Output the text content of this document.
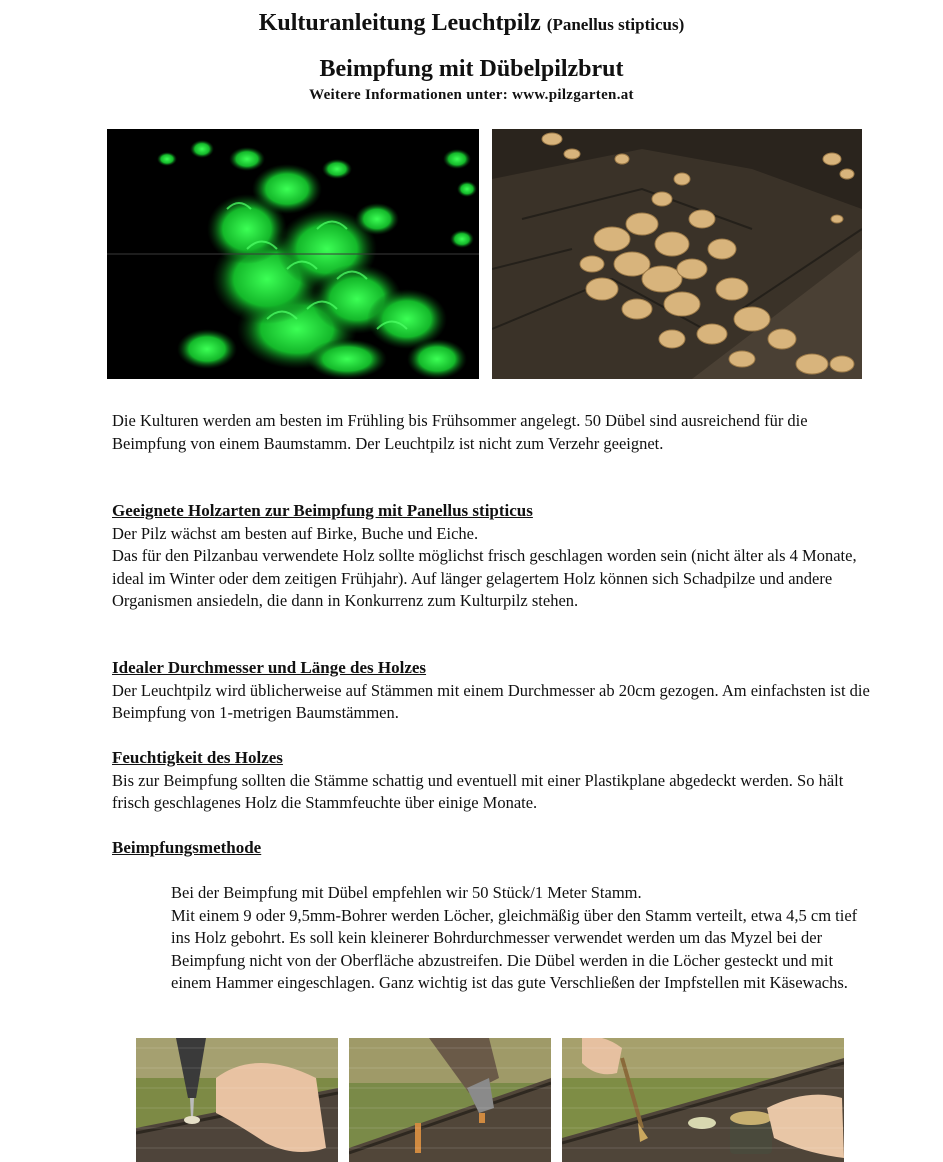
Kulturanleitung Leuchtpilz (Panellus stipticus)
Beimpfung mit Dübelpilzbrut
Weitere Informationen unter: www.pilzgarten.at
Die Kulturen werden am besten im Frühling bis Frühsommer angelegt. 50 Dübel sind ausreichend für die Beimpfung von einem Baumstamm. Der Leuchtpilz ist nicht zum Verzehr geeignet.

Geeignete Holzarten zur Beimpfung mit Panellus stipticus

Der Pilz wächst am besten auf Birke, Buche und Eiche.

Das für den Pilzanbau verwendete Holz sollte möglichst frisch geschlagen worden sein (nicht älter als 4 Monate, ideal im Winter oder dem zeitigen Frühjahr). Auf länger gelagertem Holz können sich Schadpilze und andere Organismen ansiedeln, die dann in Konkurrenz zum Kulturpilz stehen.

Idealer Durchmesser und Länge des Holzes

Der Leuchtpilz wird üblicherweise auf Stämmen mit einem Durchmesser ab 20cm gezogen. Am einfachsten ist die Beimpfung von 1-metrigen Baumstämmen.

Feuchtigkeit des Holzes

Bis zur Beimpfung sollten die Stämme schattig und eventuell mit einer Plastikplane abgedeckt werden. So hält frisch geschlagenes Holz die Stammfeuchte über einige Monate.

Beimpfungsmethode

Bei der Beimpfung mit Dübel empfehlen wir 50 Stück/1 Meter Stamm.

Mit einem 9 oder 9,5mm-Bohrer werden Löcher, gleichmäßig über den Stamm verteilt, etwa 4,5 cm tief ins Holz gebohrt. Es soll kein kleinerer Bohrdurchmesser verwendet werden um das Myzel bei der Beimpfung nicht von der Oberfläche abzustreifen. Die Dübel werden in die Löcher gesteckt und mit einem Hammer eingeschlagen. Ganz wichtig ist das gute Verschließen der Impfstellen mit Käsewachs.
